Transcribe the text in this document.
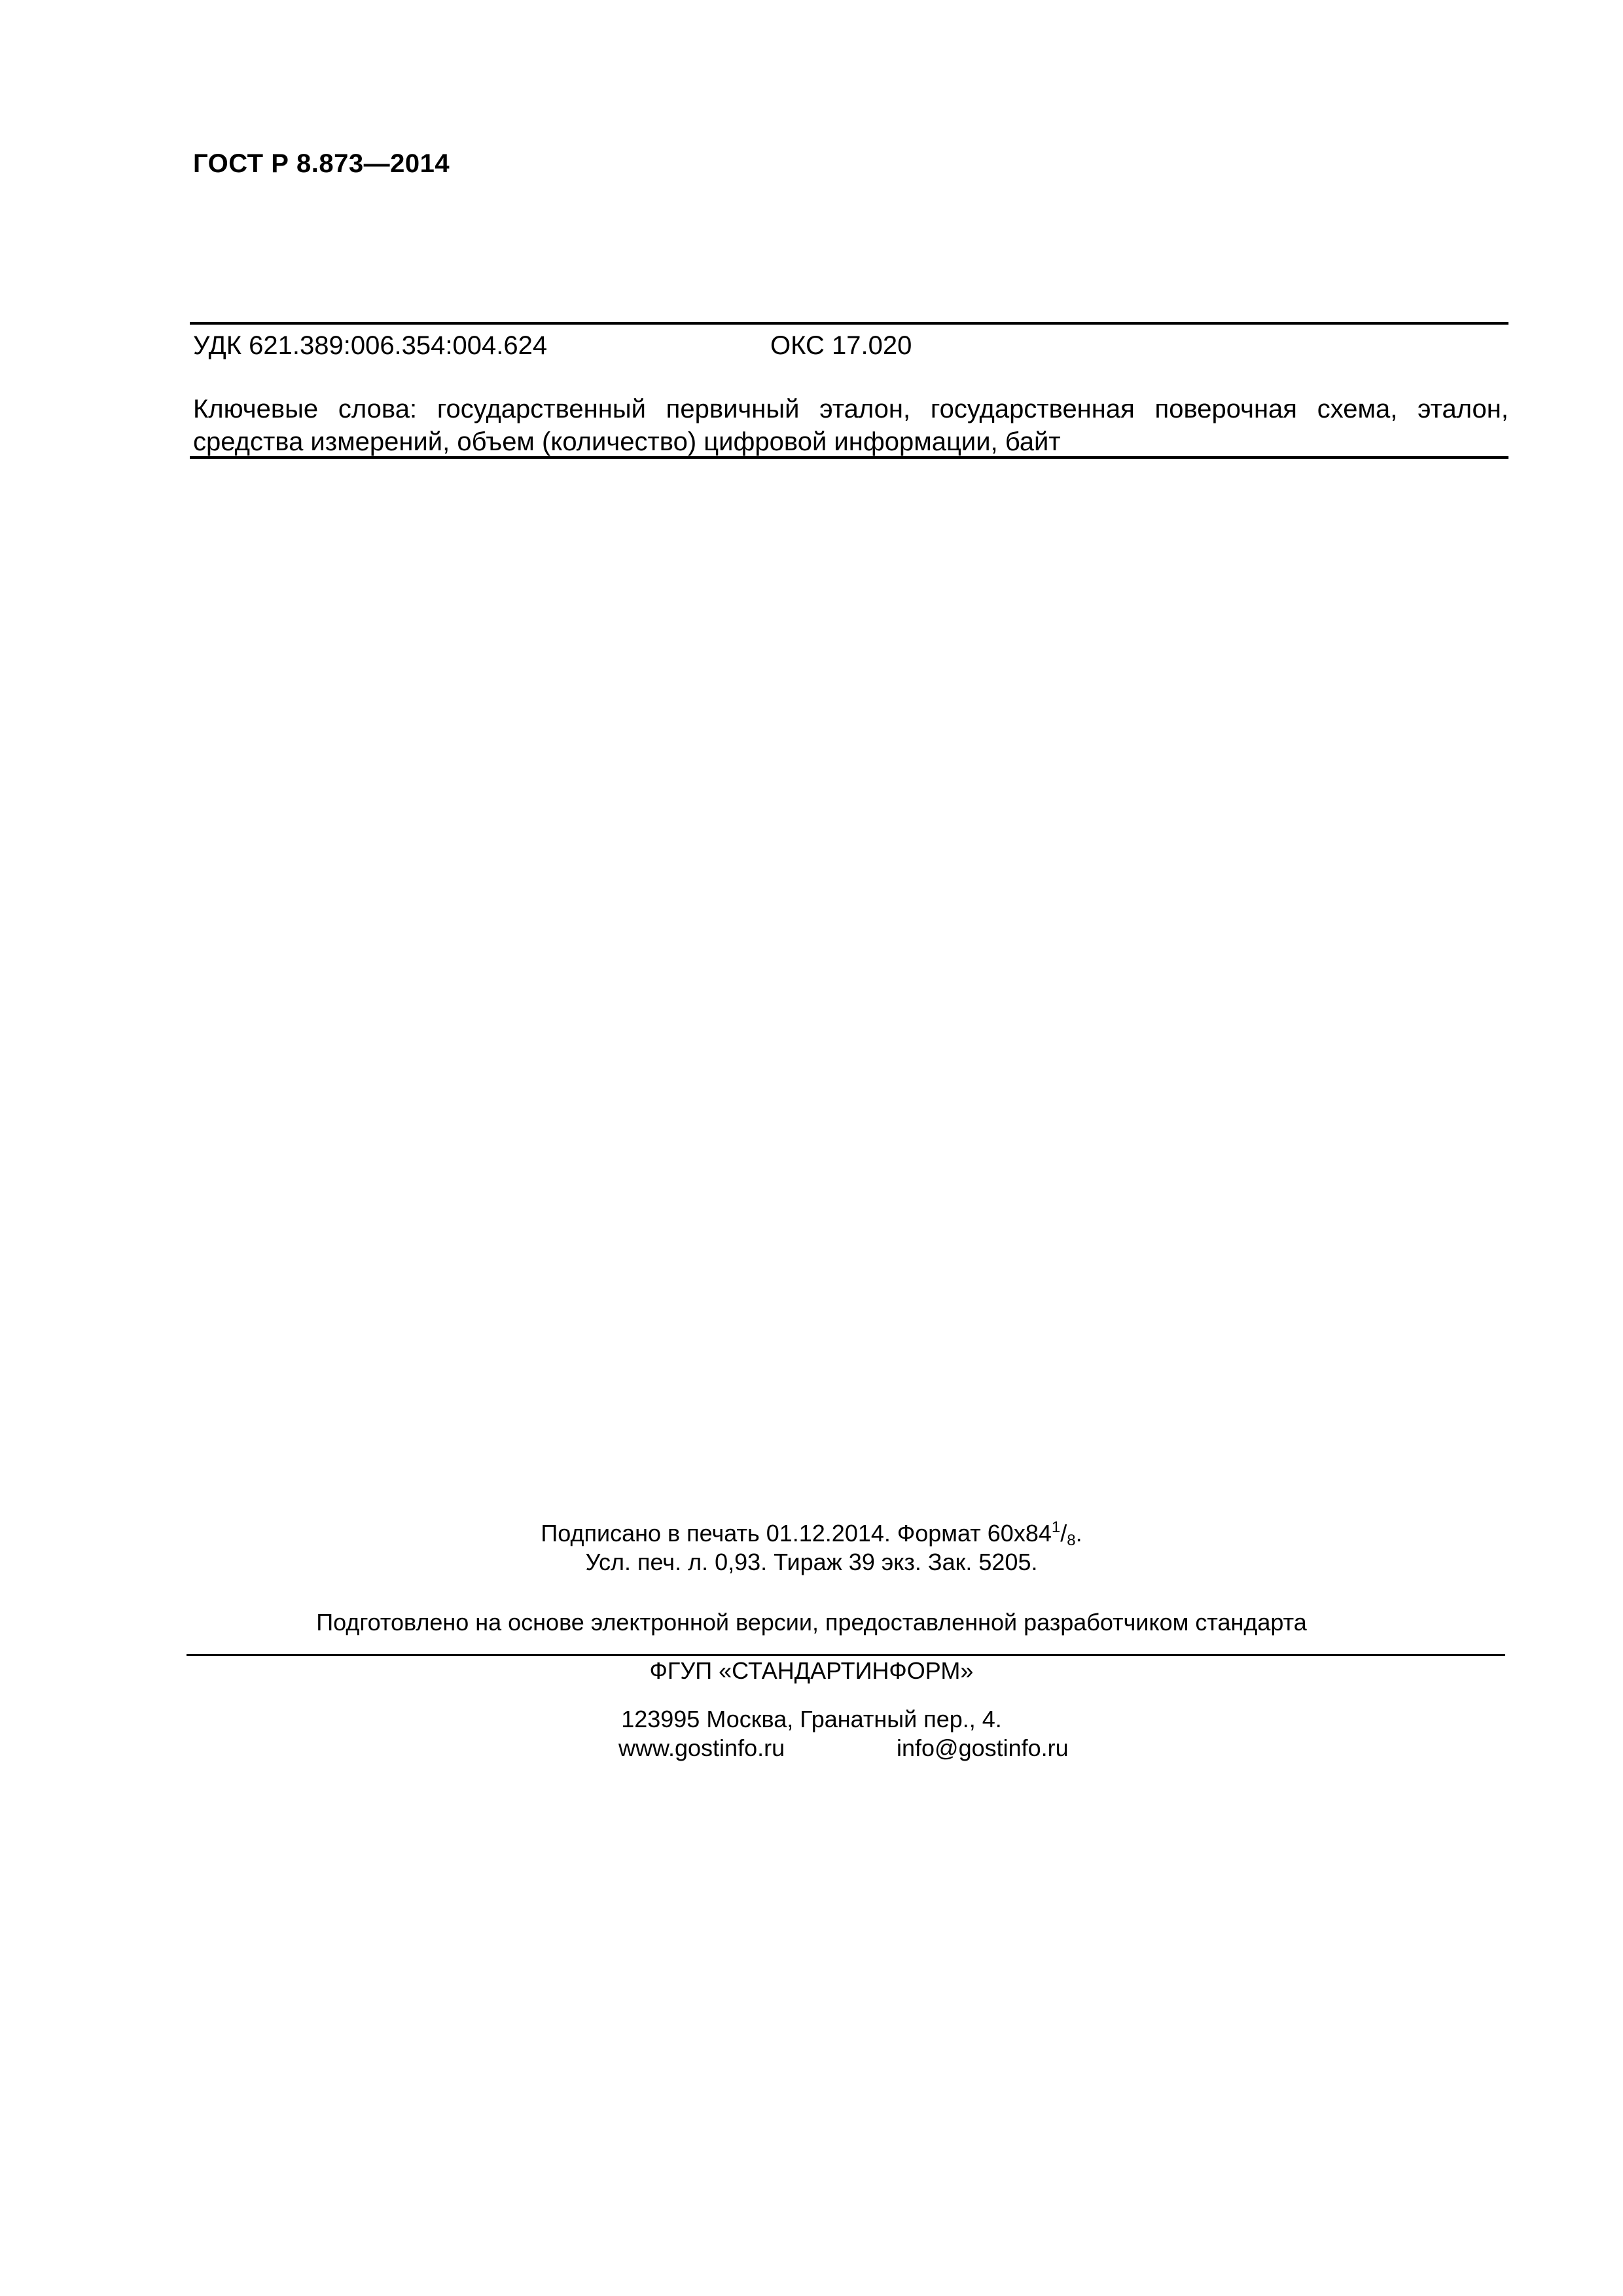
ГОСТ Р 8.873—2014
УДК 621.389:006.354:004.624	ОКС 17.020
Ключевые слова: государственный первичный эталон, государственная поверочная схема, эталон, средства измерений, объем (количество) цифровой информации, байт
Подписано в печать 01.12.2014. Формат $60x84^1/_8$.
Усл. печ. л. 0,93. Тираж 39 экз. Зак. 5205.
Подготовлено на основе электронной версии, предоставленной разработчиком стандарта
ФГУП «СТАНДАРТИНФОРМ»
123995 Москва, Гранатный пер., 4.
www.gostinfo.ru	info@gostinfo.ru
